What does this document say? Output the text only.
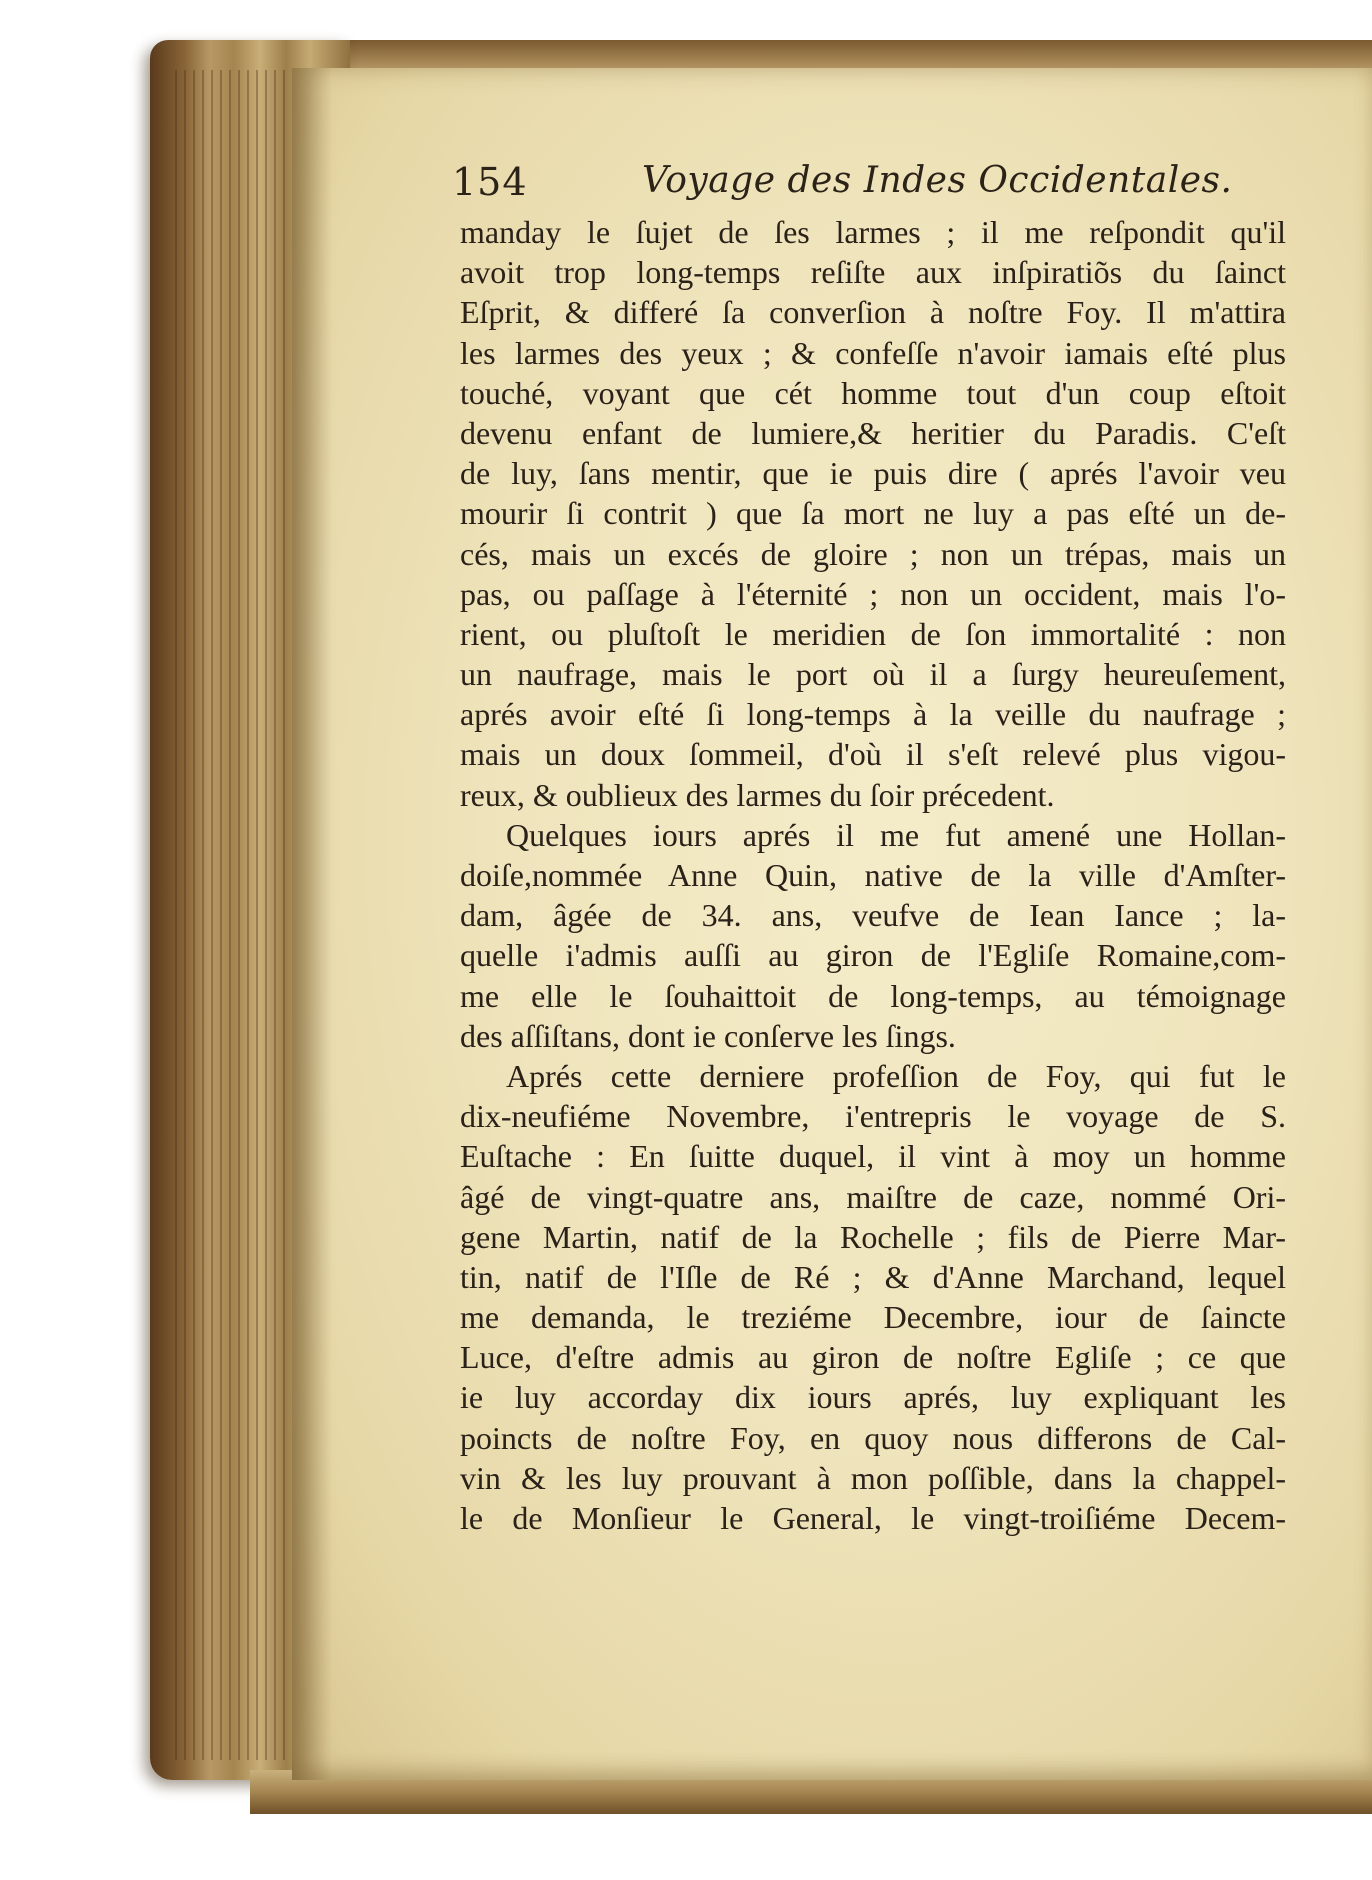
154	Voyage des Indes Occidentales.
manday le ſujet de ſes larmes ; il me reſpondit qu'il
avoit trop long-temps reſiſte aux inſpiratiõs du ſainct
Eſprit, & differé ſa converſion à noſtre Foy. Il m'attira
les larmes des yeux ; & confeſſe n'avoir iamais eſté plus
touché, voyant que cét homme tout d'un coup eſtoit
devenu enfant de lumiere,& heritier du Paradis. C'eſt
de luy, ſans mentir, que ie puis dire ( aprés l'avoir veu
mourir ſi contrit ) que ſa mort ne luy a pas eſté un de-
cés, mais un excés de gloire ; non un trépas, mais un
pas, ou paſſage à l'éternité ; non un occident, mais l'o-
rient, ou pluſtoſt le meridien de ſon immortalité : non
un naufrage, mais le port où il a ſurgy heureuſement,
aprés avoir eſté ſi long-temps à la veille du naufrage ;
mais un doux ſommeil, d'où il s'eſt relevé plus vigou-
reux, & oublieux des larmes du ſoir précedent.
Quelques iours aprés il me fut amené une Hollan-
doiſe,nommée Anne Quin, native de la ville d'Amſter-
dam, âgée de 34. ans, veufve de Iean Iance ; la-
quelle i'admis auſſi au giron de l'Egliſe Romaine,com-
me elle le ſouhaittoit de long-temps, au témoignage
des aſſiſtans, dont ie conſerve les ſings.
Aprés cette derniere profeſſion de Foy, qui fut le
dix-neufiéme Novembre, i'entrepris le voyage de S.
Euſtache : En ſuitte duquel, il vint à moy un homme
âgé de vingt-quatre ans, maiſtre de caze, nommé Ori-
gene Martin, natif de la Rochelle ; fils de Pierre Mar-
tin, natif de l'Iſle de Ré ; & d'Anne Marchand, lequel
me demanda, le treziéme Decembre, iour de ſaincte
Luce, d'eſtre admis au giron de noſtre Egliſe ; ce que
ie luy accorday dix iours aprés, luy expliquant les
poincts de noſtre Foy, en quoy nous differons de Cal-
vin & les luy prouvant à mon poſſible, dans la chappel-
le de Monſieur le General, le vingt-troiſiéme Decem-
